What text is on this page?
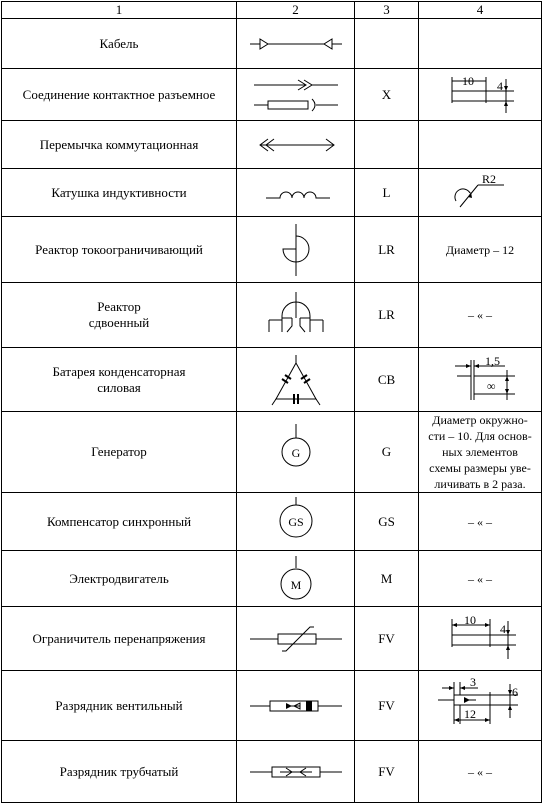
1	2	3	4
Кабель	

Соединение контактное разъемное		X	10 4

Перемычка коммутационная	

Катушка индуктивности		L	R2

Реактор токоограничивающий		LR	Диаметр – 12
Реактор
сдвоенный		LR	– « –
Батарея конденсаторная
силовая		CB	1,5
∞

Генератор	G	G	Диаметр окружно-
сти – 10. Для основ-
ных элементов
схемы размеры уве-
личивать в 2 раза.
Компенсатор синхронный	GS	GS	– « –
Электродвигатель	M	M	– « –
Ограничитель перенапряжения		FV	10
4

Разрядник вентильный		FV	3
6
12

Разрядник трубчатый		FV	– « –
